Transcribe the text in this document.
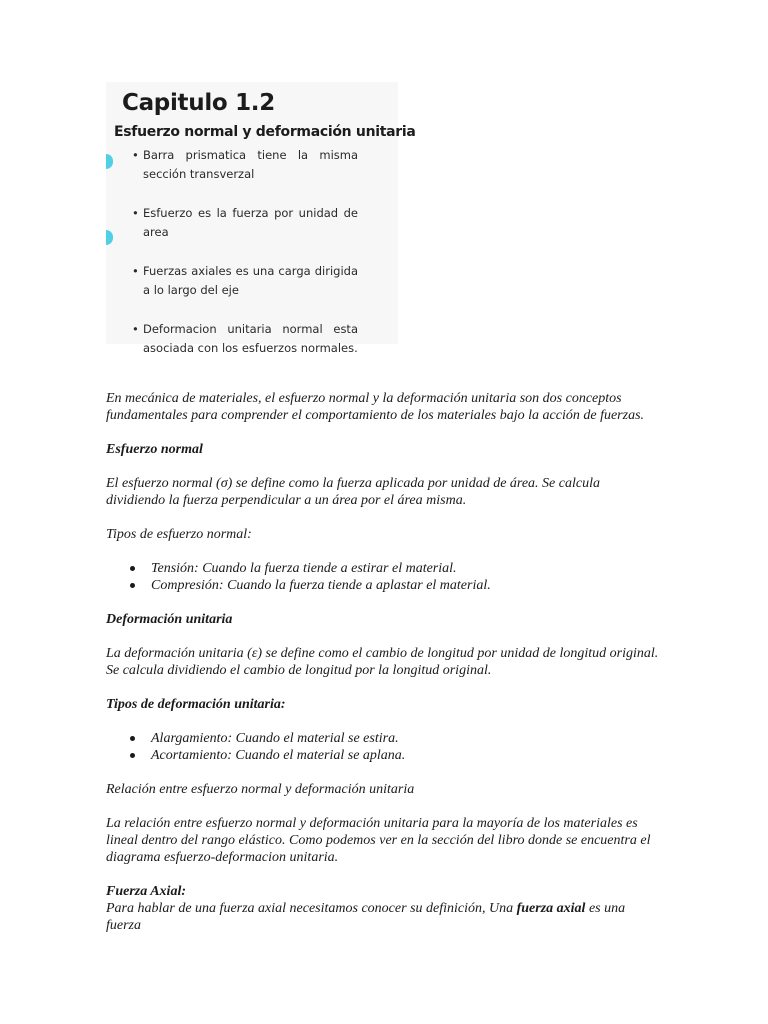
Capitulo 1.2
Esfuerzo normal y deformación unitaria
• Barra prismatica tiene la misma sección transverzal
• Esfuerzo es la fuerza por unidad de area
• Fuerzas axiales es una carga dirigida a lo largo del eje
• Deformacion unitaria normal esta asociada con los esfuerzos normales.

En mecánica de materiales, el esfuerzo normal y la deformación unitaria son dos conceptos fundamentales para comprender el comportamiento de los materiales bajo la acción de fuerzas.

Esfuerzo normal

El esfuerzo normal (σ) se define como la fuerza aplicada por unidad de área. Se calcula dividiendo la fuerza perpendicular a un área por el área misma.

Tipos de esfuerzo normal:

Tensión: Cuando la fuerza tiende a estirar el material.
Compresión: Cuando la fuerza tiende a aplastar el material.

Deformación unitaria

La deformación unitaria (ε) se define como el cambio de longitud por unidad de longitud original. Se calcula dividiendo el cambio de longitud por la longitud original.

Tipos de deformación unitaria:

Alargamiento: Cuando el material se estira.
Acortamiento: Cuando el material se aplana.

Relación entre esfuerzo normal y deformación unitaria

La relación entre esfuerzo normal y deformación unitaria para la mayoría de los materiales es lineal dentro del rango elástico. Como podemos ver en la sección del libro donde se encuentra el diagrama esfuerzo-deformacion unitaria.

Fuerza Axial:

Para hablar de una fuerza axial necesitamos conocer su definición, Una fuerza axial es una fuerza
